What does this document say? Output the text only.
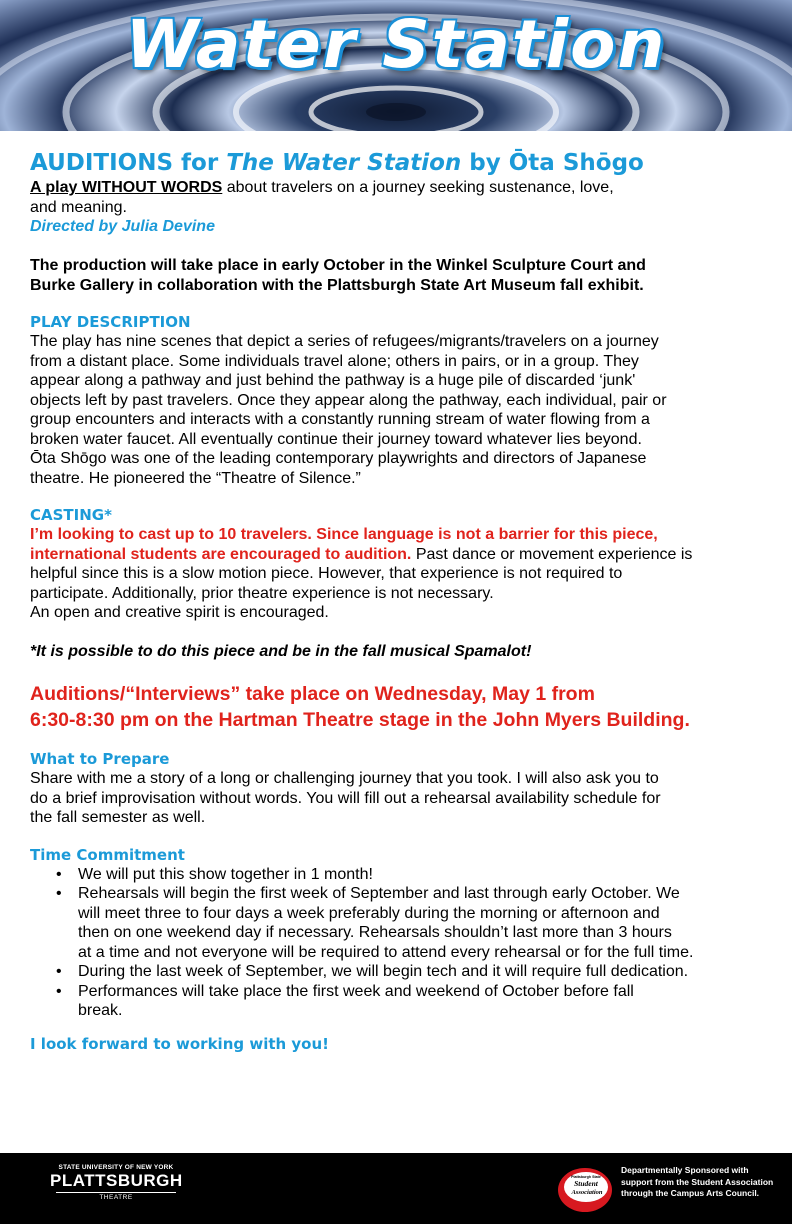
Water Station
AUDITIONS for The Water Station by Ōta Shōgo

A play WITHOUT WORDS about travelers on a journey seeking sustenance, love,

and meaning.

Directed by Julia Devine

The production will take place in early October in the Winkel Sculpture Court and

Burke Gallery in collaboration with the Plattsburgh State Art Museum fall exhibit.

PLAY DESCRIPTION

The play has nine scenes that depict a series of refugees/migrants/travelers on a journey

from a distant place. Some individuals travel alone; others in pairs, or in a group. They

appear along a pathway and just behind the pathway is a huge pile of discarded ‘junk'

objects left by past travelers. Once they appear along the pathway, each individual, pair or

group encounters and interacts with a constantly running stream of water flowing from a

broken water faucet. All eventually continue their journey toward whatever lies beyond.

Ōta Shōgo was one of the leading contemporary playwrights and directors of Japanese

theatre. He pioneered the “Theatre of Silence.”

CASTING*

I’m looking to cast up to 10 travelers. Since language is not a barrier for this piece,

international students are encouraged to audition. Past dance or movement experience is

helpful since this is a slow motion piece. However, that experience is not required to

participate. Additionally, prior theatre experience is not necessary.

An open and creative spirit is encouraged.

*It is possible to do this piece and be in the fall musical Spamalot!

Auditions/“Interviews” take place on Wednesday, May 1 from

6:30-8:30 pm on the Hartman Theatre stage in the John Myers Building.

What to Prepare

Share with me a story of a long or challenging journey that you took. I will also ask you to

do a brief improvisation without words. You will fill out a rehearsal availability schedule for

the fall semester as well.

Time Commitment
• We will put this show together in 1 month!
• Rehearsals will begin the first week of September and last through early October. We
will meet three to four days a week preferably during the morning or afternoon and
then on one weekend day if necessary. Rehearsals shouldn’t last more than 3 hours
at a time and not everyone will be required to attend every rehearsal or for the full time.
• During the last week of September, we will begin tech and it will require full dedication.
• Performances will take place the first week and weekend of October before fall
break.
I look forward to working with you!
STATE UNIVERSITY OF NEW YORK
PLATTSBURGH
THEATRE
Plattsburgh State
Student
Association
Departmentally Sponsored with
support from the Student Association
through the Campus Arts Council.
